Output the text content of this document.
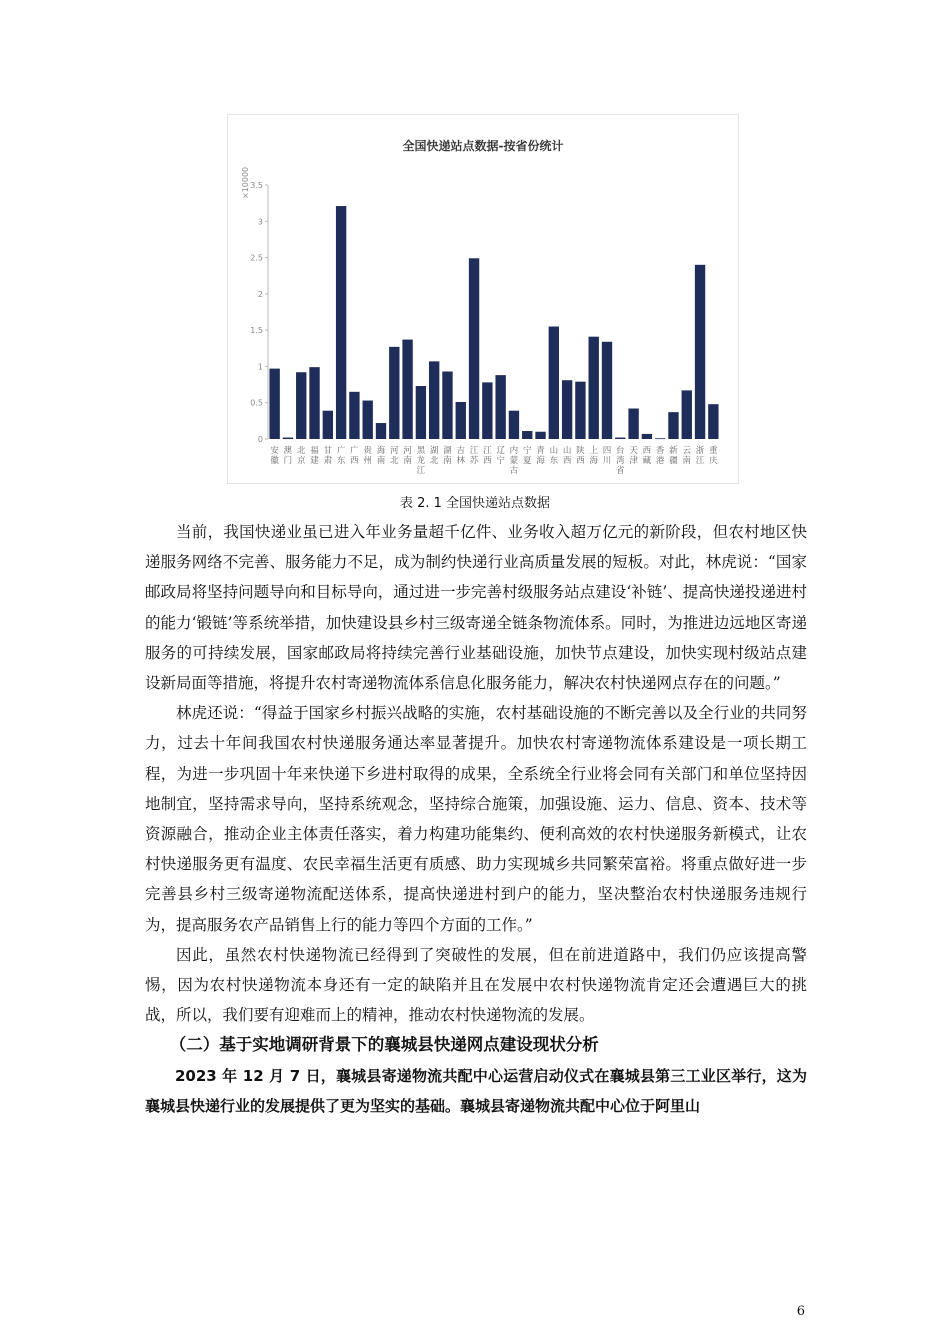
全国快递站点数据-按省份统计
×10000
0
0.5
1
1.5
2
2.5
3
3.5
安徽
澳门
北京
福建
甘肃
广东
广西
贵州
海南
河北
河南
黑龙江
湖北
湖南
吉林
江苏
江西
辽宁
内蒙古
宁夏
青海
山东
山西
陕西
上海
四川
台湾省
天津
西藏
香港
新疆
云南
浙江
重庆
表 2. 1 全国快递站点数据

当前，我国快递业虽已进入年业务量超千亿件、业务收入超万亿元的新阶段，但农村地区快递服务网络不完善、服务能力不足，成为制约快递行业高质量发展的短板。对此，林虎说：“国家邮政局将坚持问题导向和目标导向，通过进一步完善村级服务站点建设‘补链’、提高快递投递进村的能力‘锻链’等系统举措，加快建设县乡村三级寄递全链条物流体系。同时，为推进边远地区寄递服务的可持续发展，国家邮政局将持续完善行业基础设施，加快节点建设，加快实现村级站点建设新局面等措施，将提升农村寄递物流体系信息化服务能力，解决农村快递网点存在的问题。”

林虎还说：“得益于国家乡村振兴战略的实施，农村基础设施的不断完善以及全行业的共同努力，过去十年间我国农村快递服务通达率显著提升。加快农村寄递物流体系建设是一项长期工程，为进一步巩固十年来快递下乡进村取得的成果，全系统全行业将会同有关部门和单位坚持因地制宜，坚持需求导向，坚持系统观念，坚持综合施策，加强设施、运力、信息、资本、技术等资源融合，推动企业主体责任落实，着力构建功能集约、便利高效的农村快递服务新模式，让农村快递服务更有温度、农民幸福生活更有质感、助力实现城乡共同繁荣富裕。将重点做好进一步完善县乡村三级寄递物流配送体系，提高快递进村到户的能力，坚决整治农村快递服务违规行为，提高服务农产品销售上行的能力等四个方面的工作。”

因此，虽然农村快递物流已经得到了突破性的发展，但在前进道路中，我们仍应该提高警惕，因为农村快递物流本身还有一定的缺陷并且在发展中农村快递物流肯定还会遭遇巨大的挑战，所以，我们要有迎难而上的精神，推动农村快递物流的发展。

（二）基于实地调研背景下的襄城县快递网点建设现状分析

2023 年 12 月 7 日，襄城县寄递物流共配中心运营启动仪式在襄城县第三工业区举行，这为襄城县快递行业的发展提供了更为坚实的基础。襄城县寄递物流共配中心位于阿里山

6
